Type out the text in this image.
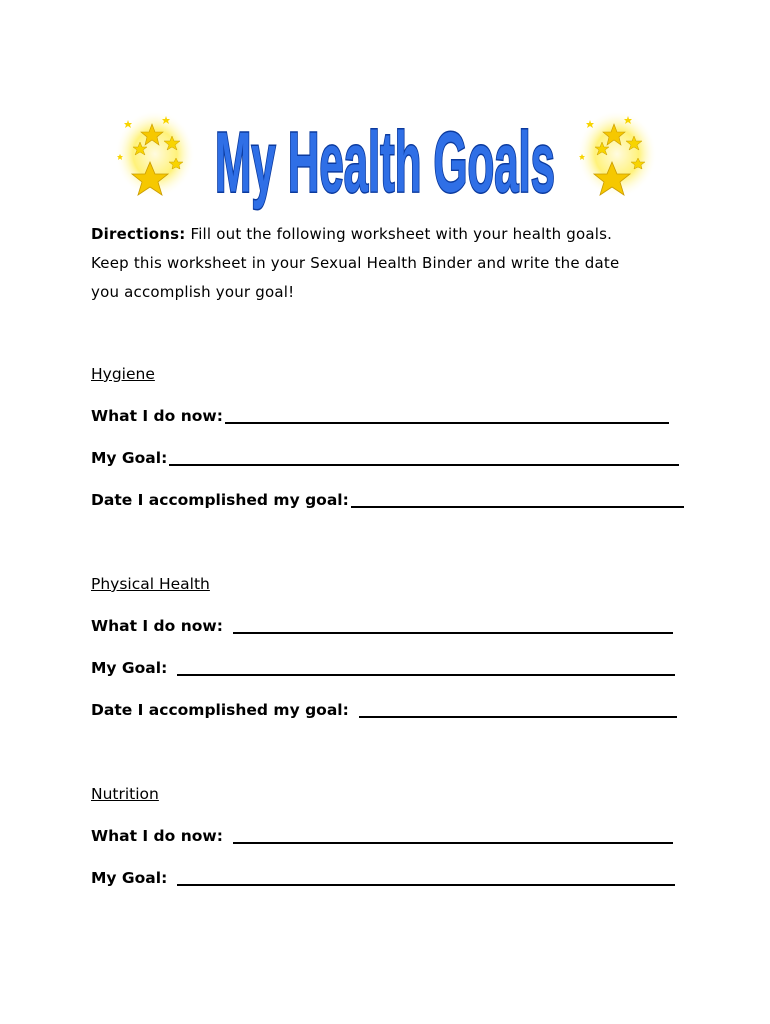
My Health Goals
Directions: Fill out the following worksheet with your health goals.
Keep this worksheet in your Sexual Health Binder and write the date
you accomplish your goal!
Hygiene
What I do now:
My Goal:
Date I accomplished my goal:
Physical Health
What I do now:
My Goal:
Date I accomplished my goal:
Nutrition
What I do now:
My Goal:
